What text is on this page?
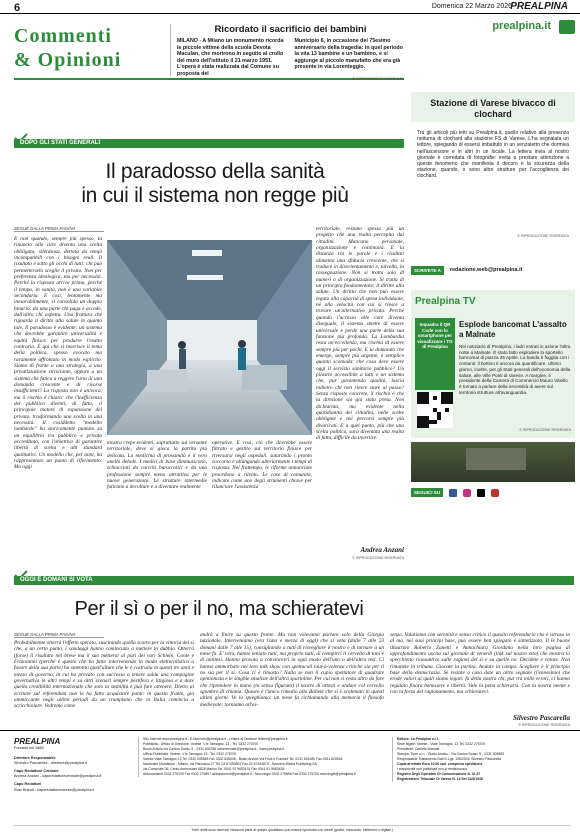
6	Domenica 22 Marzo 2026
PREALPINA
Commenti
& Opinioni
Ricordato il sacrificio dei bambini
MILANO - A Milano un monumento ricorda le piccole vittime della scuola Devota Maculan, che morirono in seguito al crollo del muro dell'istituto il 21 marzo 1951. L'opera è stata realizzata dal Comune su proposta del
Municipio 6, in occasione del 75esimo anniversario della tragedia: in quel periodo la vita 13 bambine e un bambino, e si aggiunge al piccolo manufatto che era già presente in via Lorenteggio.
© RIPRODUZIONE RISERVATA
DOPO GLI STATI GENERALI
Il paradosso della sanità
in cui il sistema non regge più
SEGUE DALLA PRIMA PAGINA
E non quando, sempre più spesso, la rinuncia alle cure diventa una scelta obbligata, silenziosa, dettata da tempi incompatibili con i bisogni reali. Il risultato è sotto gli occhi di tutti: chi può permetterselo sceglie il privato. Non per preferenza ideologica, ma per necessità. Perché la risposta arriva prima, perché il tempo, in sanità, non è una variabile secondaria. E così, lentamente ma inesorabilmente, si consolida un doppio binario: da una parte chi paga e accede, dall'altra chi aspetta. Una frattura che riguarda il diritto alla salute in quanto tale. Il paradosso è evidente: un sistema che dovrebbe garantire universalità e equità finisce per produrre l'esatto contrario. È qui che si inserisce il tema della politica, spesso evocato ma raramente affrontato in modo esplicito. Siamo di fronte a una strategia, a una privatizzazione strisciante, oppure a un sistema che fatica a reggere l'urto di una domanda crescente e di risorse insufficienti? La risposta non è univoca, ma il rischio è chiaro: che l'inefficienza del pubblico diventi, di fatto, il principale motore di espansione del privato, trasformando una scelta in una necessità. Il cosiddetto "modello lombardo" ha storicamente puntato su un equilibrio tra pubblico e privato accreditato, con l'obiettivo di garantire libertà di scelta e alti standard qualitativi. Un modello che, per anni, ha rappresentato un punto di riferimento. Ma oggi
mostra crepe evidenti, soprattutto sul versante territoriale, dove si gioca la partita più delicata. La medicina di prossimità è il vero anello debole. I medici di base diminuiscono, schiacciati da carichi burocratici e da una professione sempre meno attrattiva per le nuove generazioni. Le strutture intermedie faticano a decollare e a diventare realmente
operative. E così, ciò che dovrebbe essere filtrato e gestito sul territorio finisce per riversarsi negli ospedali, saturando i pronto soccorso e allungando ulteriormente i tempi di risposta. Nel frattempo, le riforme annunciate procedono a rilento. Le case di comunità, indicate come uno degli strumenti chiave per rilanciare l'assistenza
territoriale, restano spesso più un progetto che una realtà percepita dai cittadini. Mancano personale, organizzazione e continuità. E la distanza tra le parole e i risultati alimenta una sfiducia crescente, che si traduce in disorientamento e, talvolta, in rassegnazione. Non si tratta solo di numeri o di organizzazione. Si tratta di un principio fondamentale: il diritto alla salute. Un diritto che non può essere legato alla capacità di spesa individuale, né alla velocità con cui si riesce a trovare un'alternativa privata. Perché quando l'accesso alle cure diventa diseguale, il sistema smette di essere universale e perde una parte della sua funzione più profonda. La Lombardia resta un'eccellenza, ma rischia di essere sempre più per pochi. E la domanda che emerge, sempre più urgente, è semplice quanto scomoda: che cosa deve essere oggi il servizio sanitario pubblico? Un pilastro accessibile a tutti o un sistema che, pur garantendo qualità, lascia indietro chi non riesce stare al passo? Senza risposte concrete, il rischio è che la direzione sia già stata presa. Non dichiarata, ma evidente nella quotidianità dei cittadini, nelle scelte obbligate e nei percorsi sempre più divaricati. E a quel punto, più che una scelta politica, sarà diventata una realtà di fatto, difficile da invertire.
Andrea Anzani
© RIPRODUZIONE RISERVATA
prealpina.it
Stazione di Varese bivacco di clochard
Tra gli articoli più letti su Prealpina.it, quello relativo alla presenza notturna di clochard alla stazione FS di Varese. L'ha segnalata un lettore, spiegando di essersi imbattuto in un senzatetto che dormiva nell'ascensore e in altri in un locale. La lettera invia al nostro giornale è corredata di fotografie: invita a prestare attenzione a queste fenomeno che manifesta il decoro e la sicurezza della stazione, quando, o sono altre strutture per l'accoglienza dei clochard.
© RIPRODUZIONE RISERVATA
SCRIVETE A	redazione.web@prealpina.it
Prealpina TV
Inquadra il QR Code con lo smartphone per visualizzare i TG di Prealpina
Esplode bancomat L'assalto a Malnate
Nel notiziario di Prealpina, i ladri entrati in azione l'altra notte a Malnate. È stato fatto esplodere lo sportello bancomat di piazza 25 Aprile. La banda è fuggita con i contanti: il bottino è ancora da quantificare. Ultimo giorno, inoltre, per gli Stati generali dell'economia della salute, alle Ville Ponti di Varese. A margine, il presidente della Camera di Commercio Mauro Vitiello è tornato a parlare della necessità di avere sul territorio strutture all'avanguardia.
© RIPRODUZIONE RISERVATA
SEGUICI SU
OGGI E DOMANI SI VOTA
Per il sì o per il no, ma schieratevi
SEGUE DALLA PRIMA PAGINA
Probabilmente otterrà l'effetto sperato, suscitando quella scarto per la vittoria del sì che, a un certo punto, i sondaggi hanno cominciato a mettere in dubbio. Otterrà (forse) il risultato nel breve ma il suo metterai al pari dei vari Schlein, Conte e Fratoianni (perché è questo che ha fatto intervenendo in modo elettoralistico a favore della sua parte) ha smentito quell'allure che le è costruita in questi tre anni e mezzo di governo, in cui ha provato con successo a tenere salda una compagine governativa in altri tempi e su altri scenari sempre pestifera e litigiosa e a dare quella credibilità internazionale che solo la stabilità è può fare ottenere. Dietro ai eccitare sul referendum non le ha fatto acquistare punti: in questo frante, già ammiccante negli ultimi periodi da un trumpismo che in Italia comincia a scricchiolare. Vedremo come
andrà a finire su questo fronte. Ma non volevamo parlare solo della Giorgia nazionale. Interveniamo (era l'una e mezza di oggi) che si vota (dalle 7 alle 23 domani dalle 7 alle 15), consigliando a tutti di risvegliare il nostro e di tornare a un mese fa. E' vero, hanno tentato tutti, ma proprio tutti, di riempirci il cervello di toni e di antitesi. Hanno provato a convincerci in ogni modo dell'uno o dell'altra tesi. Ci hanno ammorbato nei loro talk show con spettacoli tout-à-volenza critiche sia per il no sia per il sì. Cosa ci è rimasto? Nulla se non il cupio spettatore di quadrate opinionista e le singhie smaliste dell'altra spartoline. Per cui non ci resta altro da fare che riprendere in mano (in senso figurato) il nostro di ottesti e andare col cervello sgombro di chioma. Questo è l'unico rimedio alla Babele che si è scatenata in questi ultimi giorni. Ve lo spieghiamo: un mese fa richiamando alla memoria il filosofo medievale: torniamo all'es-
senza. Valutiamo con serenità e senso critico il quesito referendario che è istruso in al ma, nei suoi principi base, può essere ben spiegato e sintetizzato. Il le buone illustrato Roberto Zanetti e Annachiara Giordano nella loro pagina di approfondimento uscita sul giornale di venerdì (link sul nostro sito) che mostra lo specchietto riassuntivo sulle ragioni del sì e su quelle no. Decidete e votate. Non rimanete in tribuna. Giocate la partita. Andate in campo. Scegliere è il principio base della democrazia. Se restate a casa date un altro segnale (l'ennesimo) che erode valori ai quali siamo legati: fa della nostra chi, pur tra mille errori, ci hanno regalato finora benessere e libertà. Vale la pena schierarsi. Con la nostra mente e con la forza del ragionamento, ma schieratevi.
Silvestro Pascarella
© RIPRODUZIONE RISERVATA
PREALPINA
Fondato nel 1888
Direttore Responsabile
Silvestro Pascarella - direttore@prealpina.it
Capo Redattore Centrale
Andrea Anzani - caporedattorecentrale@prealpina.it
Capo Redattori
Rosi Brandi - caporedattorevarese@prealpina.it
Sito Internet www.prealpina.it - E-Mail info@prealpina.it - Lettere al Direttore lettere@prealpina.it
Pubblicità - Ufficio di Direzione: Varese, V.le Tamagno, 13 - Tel. 0332 275700
Busto Arsizio via Canton Santo, 5 - 0331 633786 commerciale@prealpina.it - www.prealpina.it
Ufficio Pubblicità: Varese, V.le Tamagno 13 - Tel. 0332 275700
Varese Viale Tamagno 13 Tel. 0332 835845 Fax 0332 835045 - Busto Arsizio Via Friuli e Frazioni Tel. 0331 631480 Fax 0331 620518
Nazionale Mondadori - Milano, via Rancarso 27 Tel. 02 57494802 Fax 02 57494873 - Svizzera Media Publishing SA
via Comunale 36, Cento Ambrosiani 6828 Marino Tel. 0041 91 9693131 Fax 0041 91 9683435
Abbonamenti 0332 275700 Fax 0332 275807 abbonamenti@prealpina.it - Necrologie 0332 275896 Fax 0332 275700 necrologie@prealpina.it
Editore: La Prealpina s.r.l.
Sede legale: Varese - Viale Tamagno, 13 Tel. 0332 275700
Presidente: Daniele Bramati
Stampa: Tipre s.r.l. - Busto Arsizio - Via Canton Santo, 5 - 0331 308583
Responsabile Trattamento Dati D.Lgs. 196/2003: Silvestro Pascarella
Copia arretrata Euro 10,00 cad. compresa spedizione
I manoscritti non pubblicati non si restituiscono
Registro Degli Operatori Di Comunicazione N. 31 67
Registrazione Tribunale Di Varese N. 14 Del 21/8/1948
Tutti i diritti sono riservati. Nessuna parte di questo quotidiano può essere riprodotta con mezzi (grafici, meccanici, elettronici o digitali.)
